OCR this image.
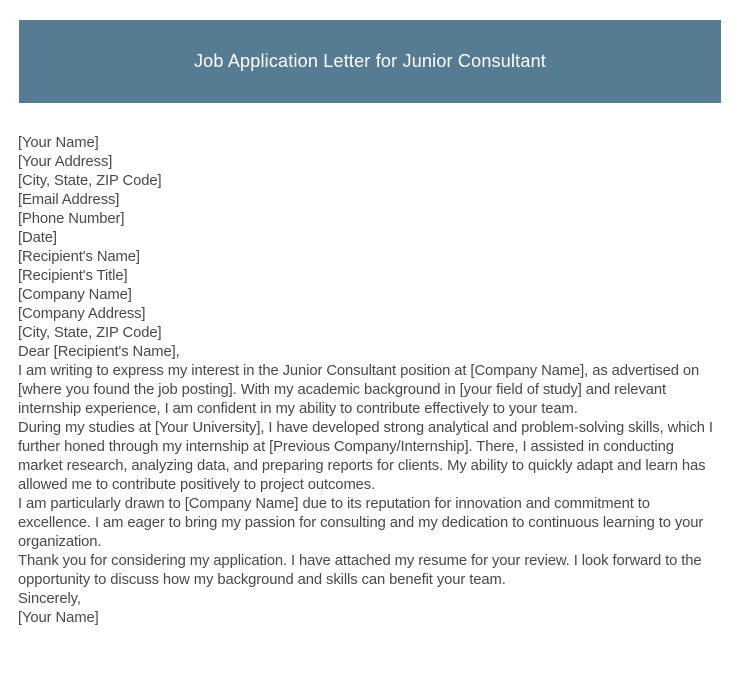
Job Application Letter for Junior Consultant
[Your Name]
[Your Address]
[City, State, ZIP Code]
[Email Address]
[Phone Number]
[Date]
[Recipient's Name]
[Recipient's Title]
[Company Name]
[Company Address]
[City, State, ZIP Code]
Dear [Recipient's Name],

I am writing to express my interest in the Junior Consultant position at [Company Name], as advertised on [where you found the job posting]. With my academic background in [your field of study] and relevant internship experience, I am confident in my ability to contribute effectively to your team.

During my studies at [Your University], I have developed strong analytical and problem-solving skills, which I further honed through my internship at [Previous Company/Internship]. There, I assisted in conducting market research, analyzing data, and preparing reports for clients. My ability to quickly adapt and learn has allowed me to contribute positively to project outcomes.

I am particularly drawn to [Company Name] due to its reputation for innovation and commitment to excellence. I am eager to bring my passion for consulting and my dedication to continuous learning to your organization.

Thank you for considering my application. I have attached my resume for your review. I look forward to the opportunity to discuss how my background and skills can benefit your team.

Sincerely,
[Your Name]
